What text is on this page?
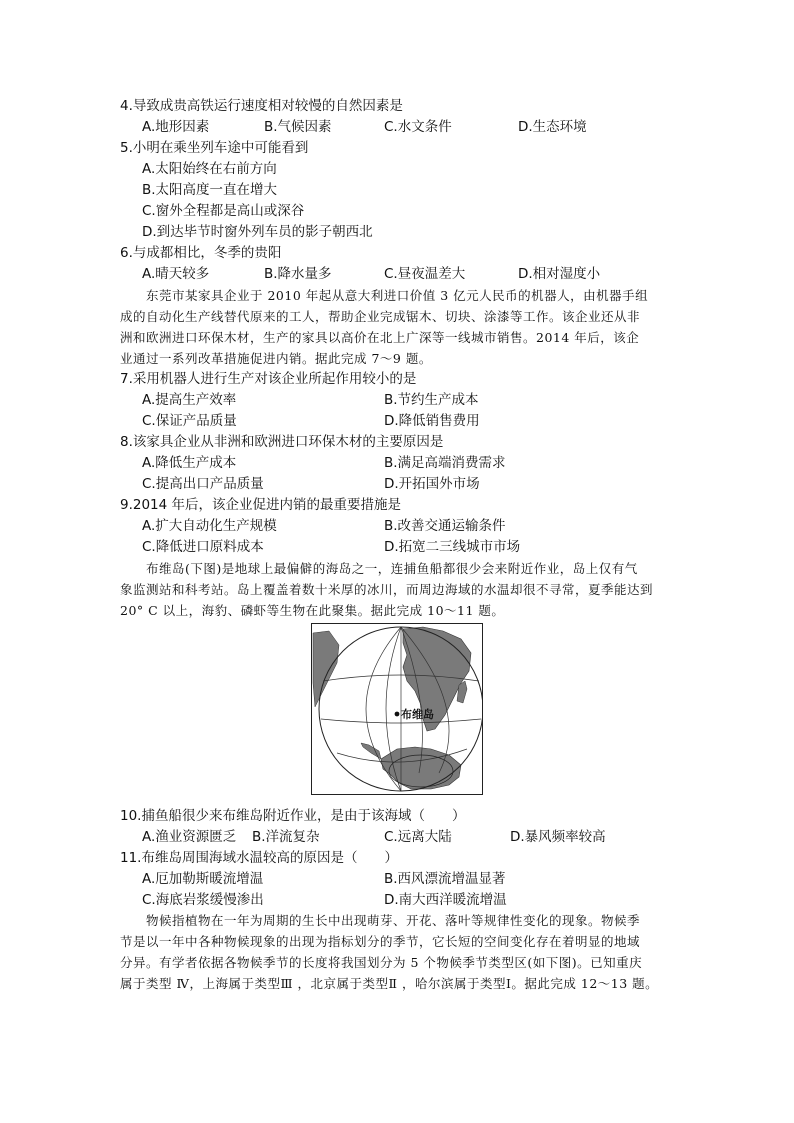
4.导致成贵高铁运行速度相对较慢的自然因素是
A.地形因素	B.气候因素	C.水文条件	D.生态环境
5.小明在乘坐列车途中可能看到
A.太阳始终在右前方向
B.太阳高度一直在增大
C.窗外全程都是高山或深谷
D.到达毕节时窗外列车员的影子朝西北
6.与成都相比，冬季的贵阳
A.晴天较多	B.降水量多	C.昼夜温差大	D.相对湿度小
东莞市某家具企业于 2010 年起从意大利进口价值 3 亿元人民币的机器人，由机器手组
成的自动化生产线替代原来的工人，帮助企业完成锯木、切块、涂漆等工作。该企业还从非
洲和欧洲进口环保木材，生产的家具以高价在北上广深等一线城市销售。2014 年后，该企
业通过一系列改革措施促进内销。据此完成 7～9 题。
7.采用机器人进行生产对该企业所起作用较小的是
A.提高生产效率	B.节约生产成本
C.保证产品质量	D.降低销售费用
8.该家具企业从非洲和欧洲进口环保木材的主要原因是
A.降低生产成本	B.满足高端消费需求
C.提高出口产品质量	D.开拓国外市场
9.2014 年后，该企业促进内销的最重要措施是
A.扩大自动化生产规模	B.改善交通运输条件
C.降低进口原料成本	D.拓宽二三线城市市场
布维岛(下图)是地球上最偏僻的海岛之一，连捕鱼船都很少会来附近作业，岛上仅有气
象监测站和科考站。岛上覆盖着数十米厚的冰川，而周边海域的水温却很不寻常，夏季能达到
20° C 以上，海豹、磷虾等生物在此聚集。据此完成 10～11 题。
布维岛
10.捕鱼船很少来布维岛附近作业，是由于该海域（　　）
A.渔业资源匮乏 B.洋流复杂	C.远离大陆	D.暴风频率较高
11.布维岛周围海域水温较高的原因是（　　）
A.厄加勒斯暖流增温	B.西风漂流增温显著
C.海底岩浆缓慢渗出	D.南大西洋暖流增温
物候指植物在一年为周期的生长中出现萌芽、开花、落叶等规律性变化的现象。物候季
节是以一年中各种物候现象的出现为指标划分的季节，它长短的空间变化存在着明显的地域
分异。有学者依据各物候季节的长度将我国划分为 5 个物候季节类型区(如下图)。已知重庆
属于类型 Ⅳ，上海属于类型Ⅲ ，北京属于类型Ⅱ ，哈尔滨属于类型Ⅰ。据此完成 12～13 题。
